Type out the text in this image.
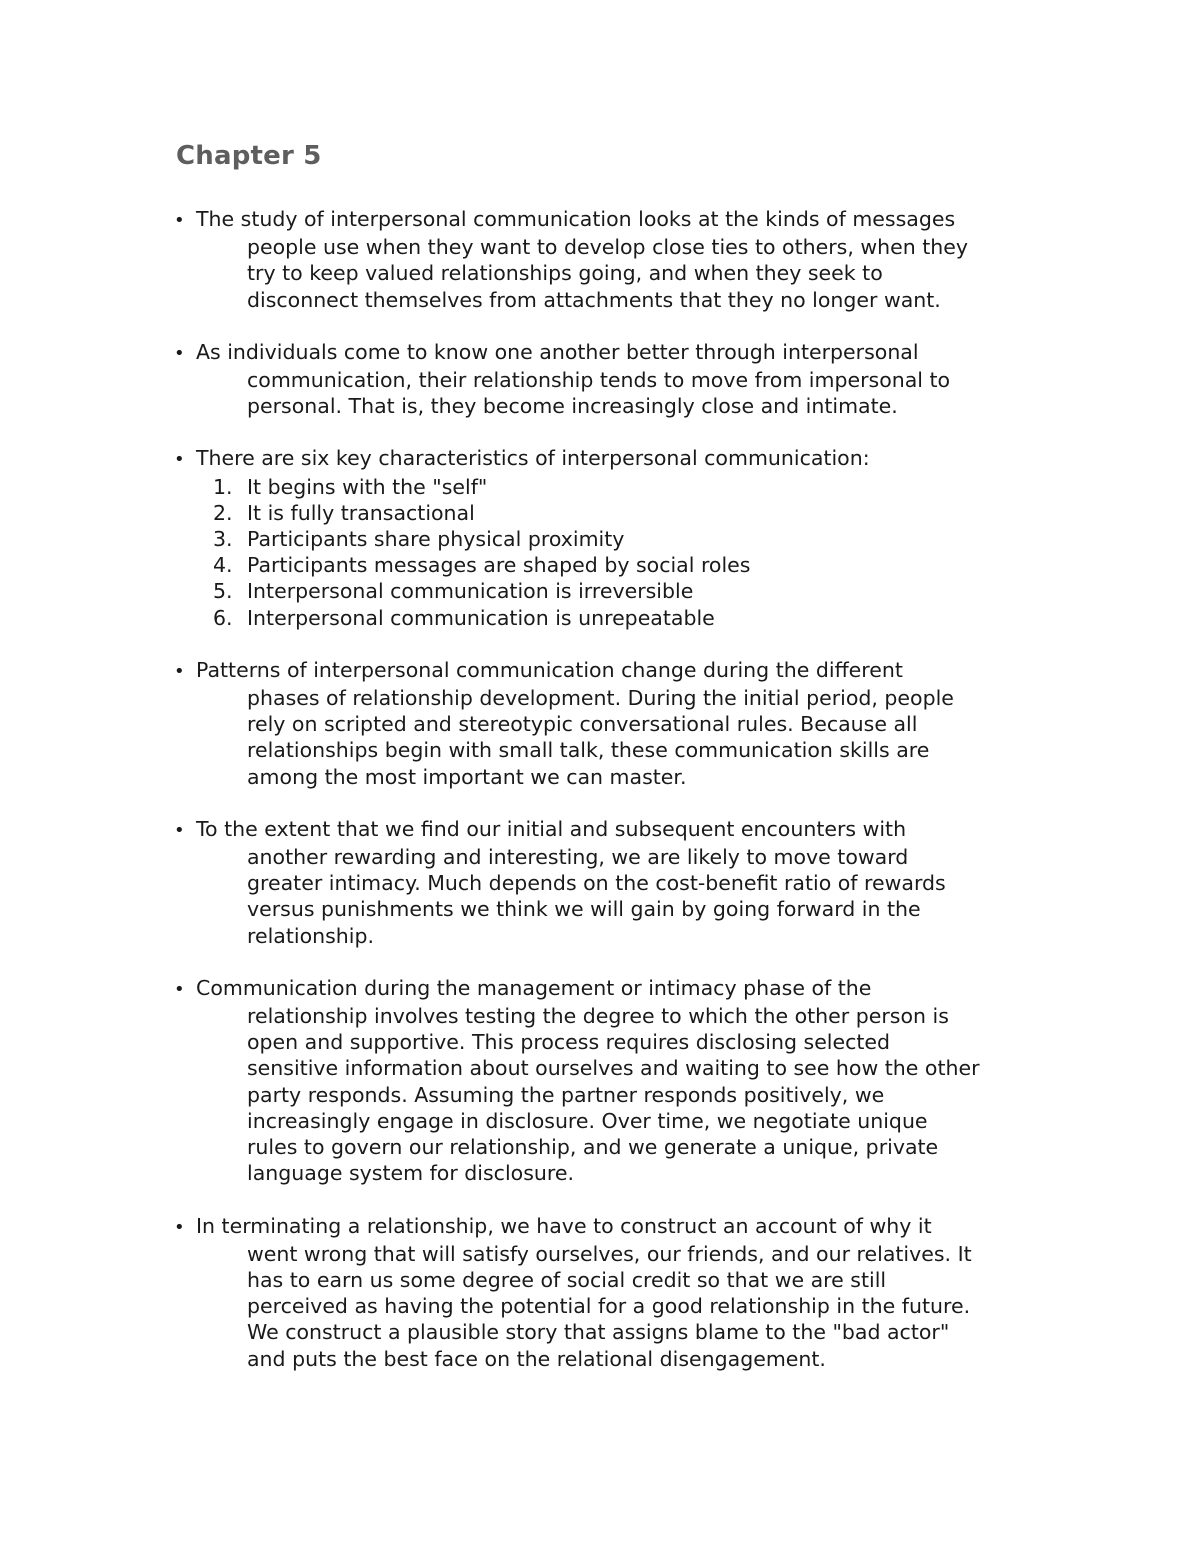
Chapter 5
• The study of interpersonal communication looks at the kinds of messages
people use when they want to develop close ties to others, when they
try to keep valued relationships going, and when they seek to
disconnect themselves from attachments that they no longer want.
• As individuals come to know one another better through interpersonal
communication, their relationship tends to move from impersonal to
personal. That is, they become increasingly close and intimate.
• There are six key characteristics of interpersonal communication:
1. It begins with the "self"
2. It is fully transactional
3. Participants share physical proximity
4. Participants messages are shaped by social roles
5. Interpersonal communication is irreversible
6. Interpersonal communication is unrepeatable
• Patterns of interpersonal communication change during the different
phases of relationship development. During the initial period, people
rely on scripted and stereotypic conversational rules. Because all
relationships begin with small talk, these communication skills are
among the most important we can master.
• To the extent that we find our initial and subsequent encounters with
another rewarding and interesting, we are likely to move toward
greater intimacy. Much depends on the cost-benefit ratio of rewards
versus punishments we think we will gain by going forward in the
relationship.
• Communication during the management or intimacy phase of the
relationship involves testing the degree to which the other person is
open and supportive. This process requires disclosing selected
sensitive information about ourselves and waiting to see how the other
party responds. Assuming the partner responds positively, we
increasingly engage in disclosure. Over time, we negotiate unique
rules to govern our relationship, and we generate a unique, private
language system for disclosure.
• In terminating a relationship, we have to construct an account of why it
went wrong that will satisfy ourselves, our friends, and our relatives. It
has to earn us some degree of social credit so that we are still
perceived as having the potential for a good relationship in the future.
We construct a plausible story that assigns blame to the "bad actor"
and puts the best face on the relational disengagement.
